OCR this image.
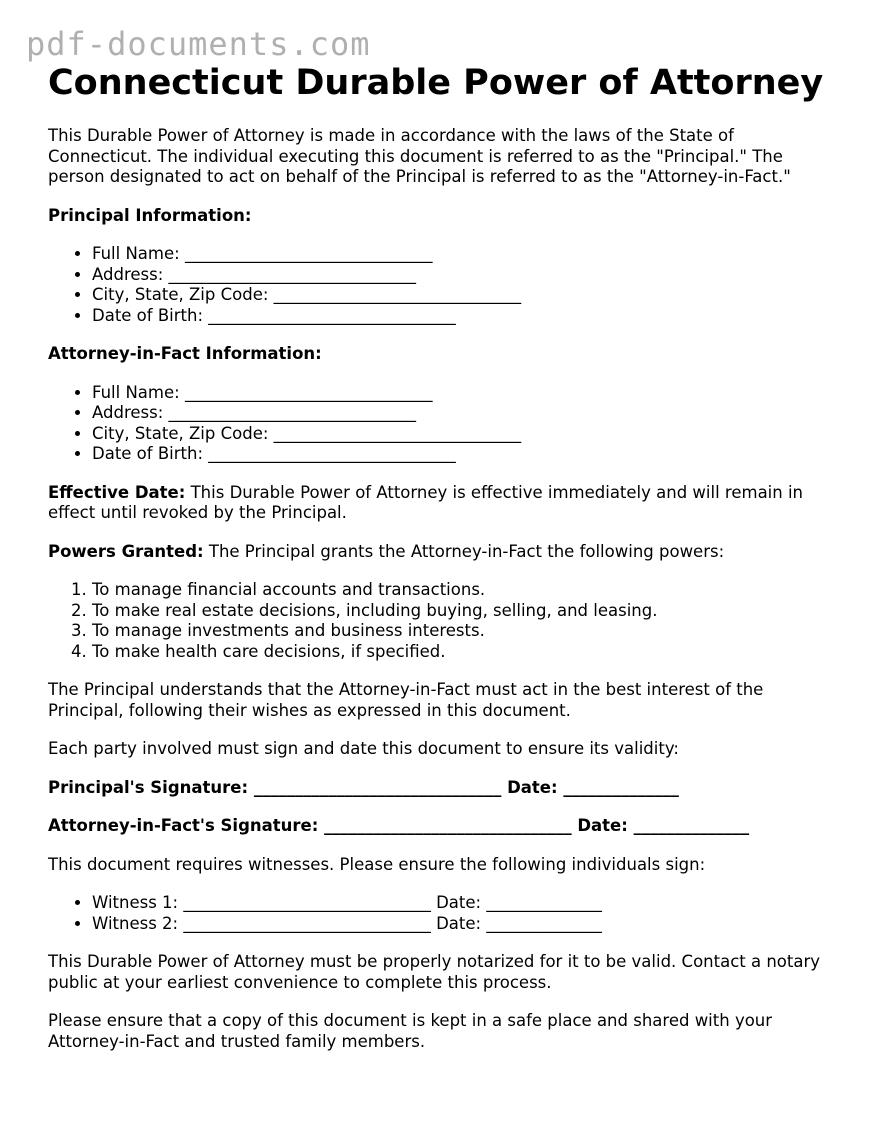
pdf-documents.com
Connecticut Durable Power of Attorney

This Durable Power of Attorney is made in accordance with the laws of the State of Connecticut. The individual executing this document is referred to as the "Principal." The person designated to act on behalf of the Principal is referred to as the "Attorney-in-Fact."

Principal Information:

• Full Name: ______________________________
• Address: ______________________________
• City, State, Zip Code: ______________________________
• Date of Birth: ______________________________

Attorney-in-Fact Information:

• Full Name: ______________________________
• Address: ______________________________
• City, State, Zip Code: ______________________________
• Date of Birth: ______________________________

Effective Date: This Durable Power of Attorney is effective immediately and will remain in effect until revoked by the Principal.

Powers Granted: The Principal grants the Attorney-in-Fact the following powers:

1. To manage financial accounts and transactions.
2. To make real estate decisions, including buying, selling, and leasing.
3. To manage investments and business interests.
4. To make health care decisions, if specified.

The Principal understands that the Attorney-in-Fact must act in the best interest of the Principal, following their wishes as expressed in this document.

Each party involved must sign and date this document to ensure its validity:

Principal's Signature: ______________________________ Date: ______________

Attorney-in-Fact's Signature: ______________________________ Date: ______________

This document requires witnesses. Please ensure the following individuals sign:

• Witness 1: ______________________________ Date: ______________
• Witness 2: ______________________________ Date: ______________

This Durable Power of Attorney must be properly notarized for it to be valid. Contact a notary public at your earliest convenience to complete this process.

Please ensure that a copy of this document is kept in a safe place and shared with your Attorney-in-Fact and trusted family members.
